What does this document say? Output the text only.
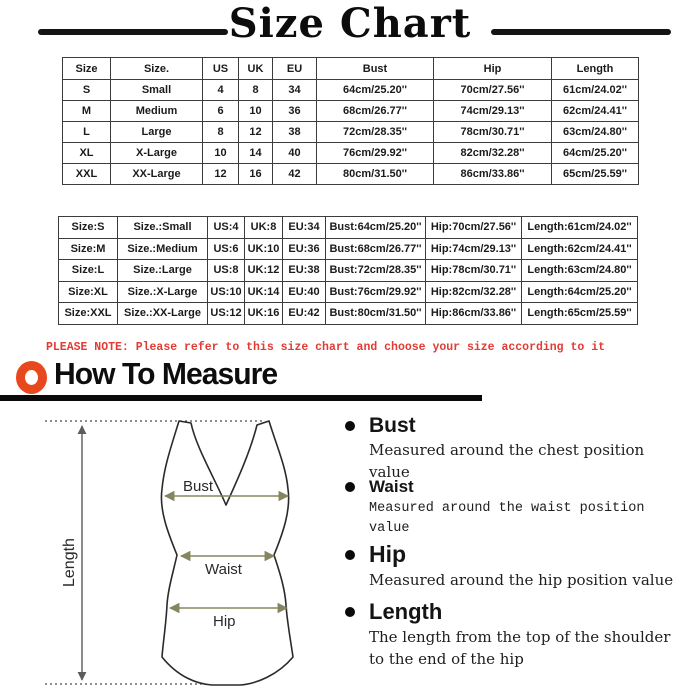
Size Chart
Size	Size.	US	UK	EU	Bust	Hip	Length
S	Small	4	8	34	64cm/25.20''	70cm/27.56''	61cm/24.02''
M	Medium	6	10	36	68cm/26.77''	74cm/29.13''	62cm/24.41''
L	Large	8	12	38	72cm/28.35''	78cm/30.71''	63cm/24.80''
XL	X-Large	10	14	40	76cm/29.92''	82cm/32.28''	64cm/25.20''
XXL	XX-Large	12	16	42	80cm/31.50''	86cm/33.86''	65cm/25.59''
Size:S	Size.:Small	US:4	UK:8	EU:34	Bust:64cm/25.20''	Hip:70cm/27.56''	Length:61cm/24.02''
Size:M	Size.:Medium	US:6	UK:10	EU:36	Bust:68cm/26.77''	Hip:74cm/29.13''	Length:62cm/24.41''
Size:L	Size.:Large	US:8	UK:12	EU:38	Bust:72cm/28.35''	Hip:78cm/30.71''	Length:63cm/24.80''
Size:XL	Size.:X-Large	US:10	UK:14	EU:40	Bust:76cm/29.92''	Hip:82cm/32.28''	Length:64cm/25.20''
Size:XXL	Size.:XX-Large	US:12	UK:16	EU:42	Bust:80cm/31.50''	Hip:86cm/33.86''	Length:65cm/25.59''
PLEASE NOTE: Please refer to this size chart and choose your size according to it
How To Measure
Length
Bust
Waist
Hip
Bust
Measured around the chest position value
Waist
Measured around the waist position value
Hip
Measured around the hip position value
Length
The length from the top of the shoulder to the end of the hip
